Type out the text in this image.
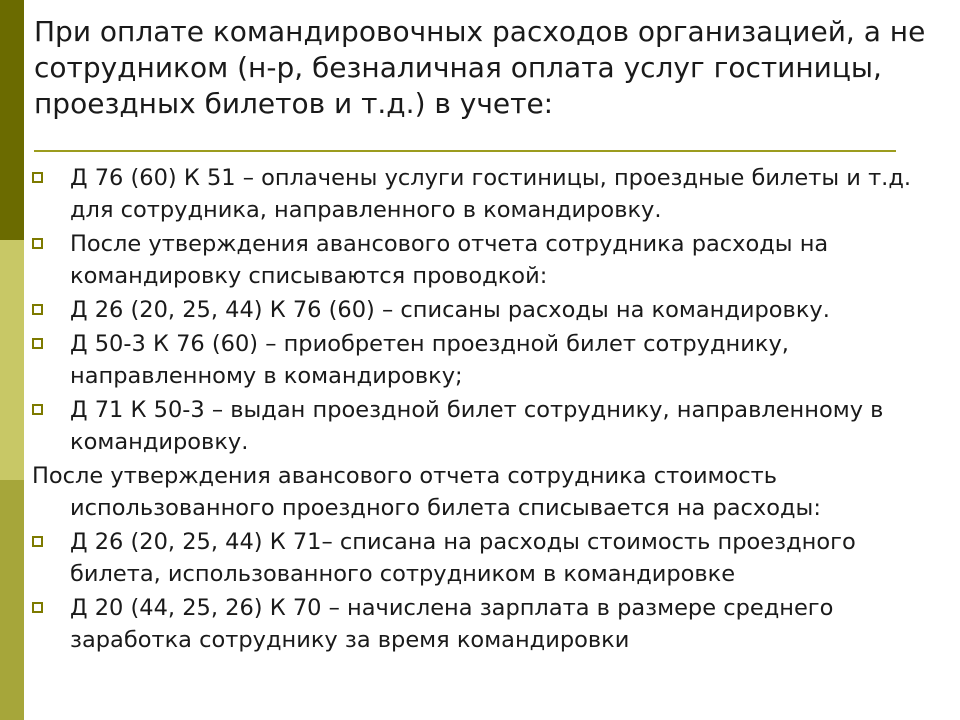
При оплате командировочных расходов организацией, а не сотрудником (н-р, безналичная оплата услуг гостиницы, проездных билетов и т.д.) в учете:
Д 76 (60) К 51 – оплачены услуги гостиницы, проездные билеты и т.д. для сотрудника, направленного в командировку.
После утверждения авансового отчета сотрудника расходы на командировку списываются проводкой:
Д 26 (20, 25, 44) К 76 (60) – списаны расходы на командировку.
Д 50-3 К 76 (60) – приобретен проездной билет сотруднику, направленному в командировку;
Д 71 К 50-3 – выдан проездной билет сотруднику, направленному в командировку.
После утверждения авансового отчета сотрудника стоимость использованного проездного билета списывается на расходы:
Д 26 (20, 25, 44) К 71– списана на расходы стоимость проездного билета, использованного сотрудником в командировке
Д 20 (44, 25, 26) К 70 – начислена зарплата в размере среднего заработка сотруднику за время командировки
